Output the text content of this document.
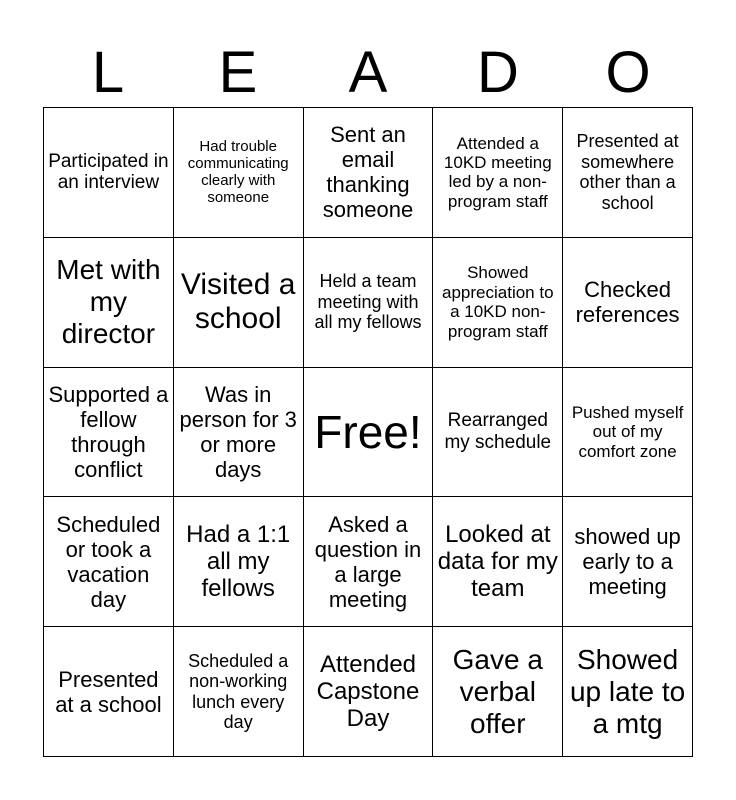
L	E	A	D	O
Participated in an interview
Had trouble communicating clearly with someone
Sent an email thanking someone
Attended a 10KD meeting led by a non-program staff
Presented at somewhere other than a school
Met with my director
Visited a school
Held a team meeting with all my fellows
Showed appreciation to a 10KD non-program staff
Checked references
Supported a fellow through conflict
Was in person for 3 or more days
Free!	Rearranged my schedule
Pushed myself out of my comfort zone
Scheduled or took a vacation day
Had a 1:1 all my fellows
Asked a question in a large meeting
Looked at data for my team
showed up early to a meeting
Presented at a school
Scheduled a non-working lunch every day
Attended Capstone Day
Gave a verbal offer
Showed up late to a mtg
